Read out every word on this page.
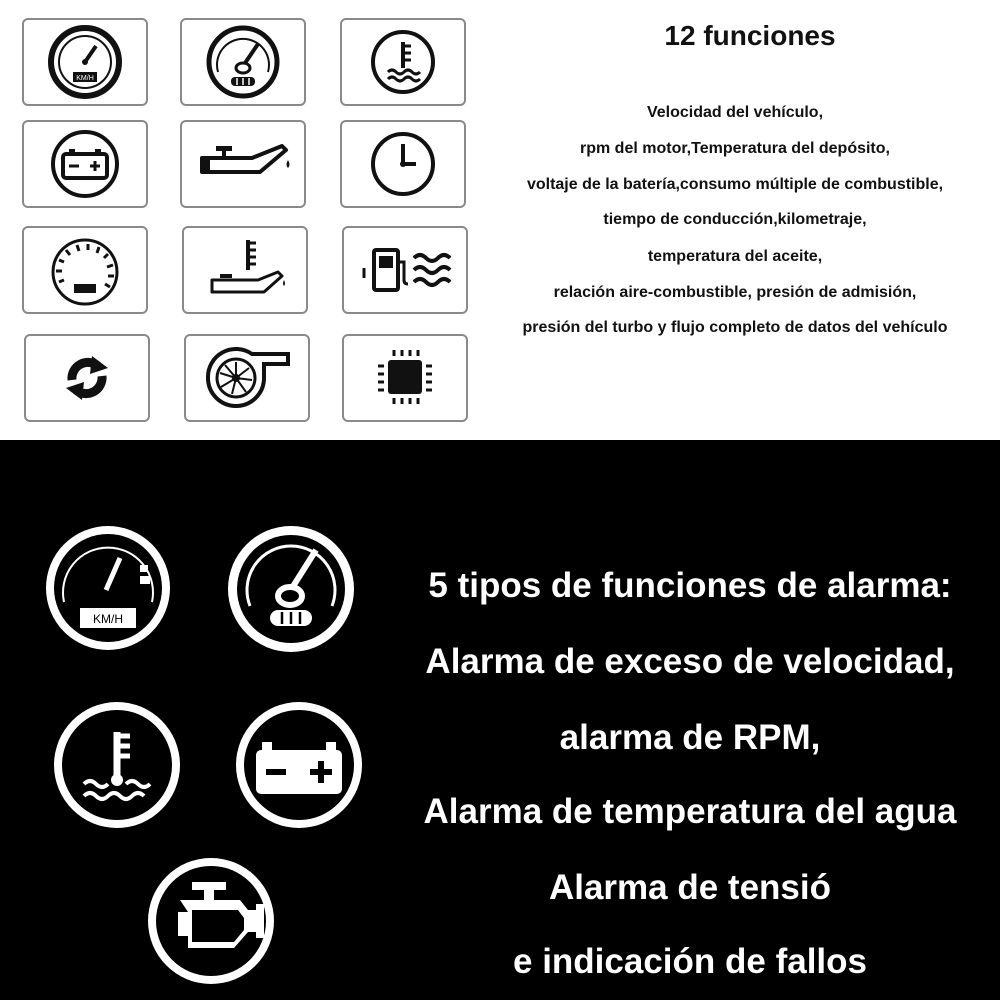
KM/H
12 funciones
Velocidad del vehículo,
rpm del motor,Temperatura del depósito,
voltaje de la batería,consumo múltiple de combustible,
tiempo de conducción,kilometraje,
temperatura del aceite,
relación aire-combustible, presión de admisión,
presión del turbo y flujo completo de datos del vehículo
KM/H
5 tipos de funciones de alarma:
Alarma de exceso de velocidad,
alarma de RPM,
Alarma de temperatura del agua
Alarma de tensió
e indicación de fallos
